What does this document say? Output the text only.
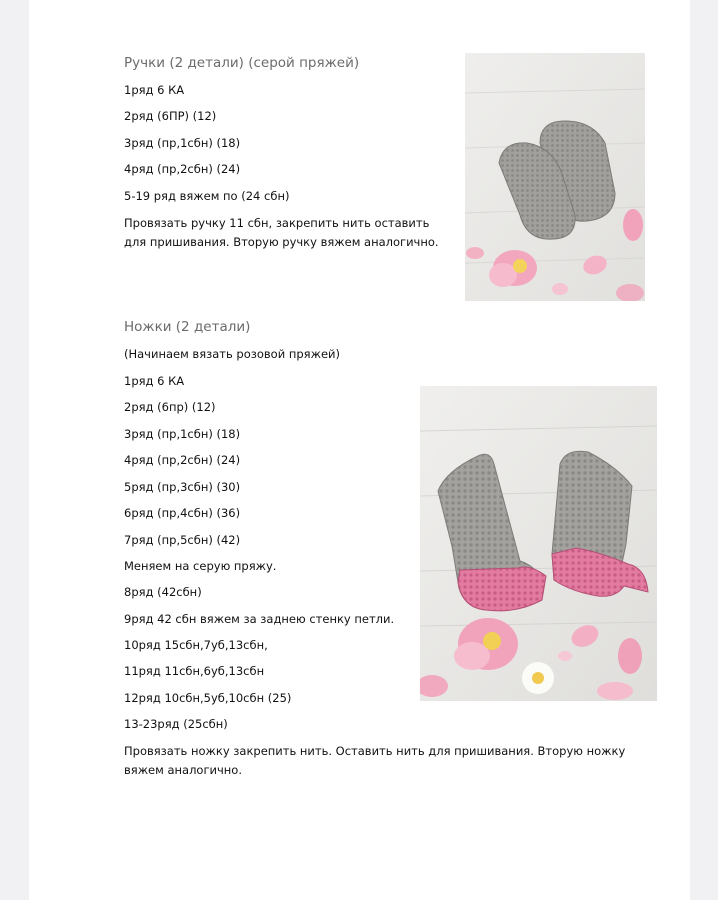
Ручки (2 детали) (серой пряжей)
1ряд 6 КА
2ряд (6ПР) (12)
3ряд (пр,1сбн) (18)
4ряд (пр,2сбн) (24)
5-19 ряд вяжем по (24 сбн)
Провязать ручку 11 сбн, закрепить нить оставить для пришивания. Вторую ручку вяжем аналогично.
Ножки (2 детали)
(Начинаем вязать розовой пряжей)
1ряд 6 КА
2ряд (6пр) (12)
3ряд (пр,1сбн) (18)
4ряд (пр,2сбн) (24)
5ряд (пр,3сбн) (30)
6ряд (пр,4сбн) (36)
7ряд (пр,5сбн) (42)
Меняем на серую пряжу.
8ряд (42сбн)
9ряд 42 сбн вяжем за заднею стенку петли.
10ряд 15сбн,7уб,13сбн,
11ряд 11сбн,6уб,13сбн
12ряд 10сбн,5уб,10сбн (25)
13-23ряд (25сбн)
Провязать ножку закрепить нить. Оставить нить для пришивания. Вторую ножку вяжем аналогично.
